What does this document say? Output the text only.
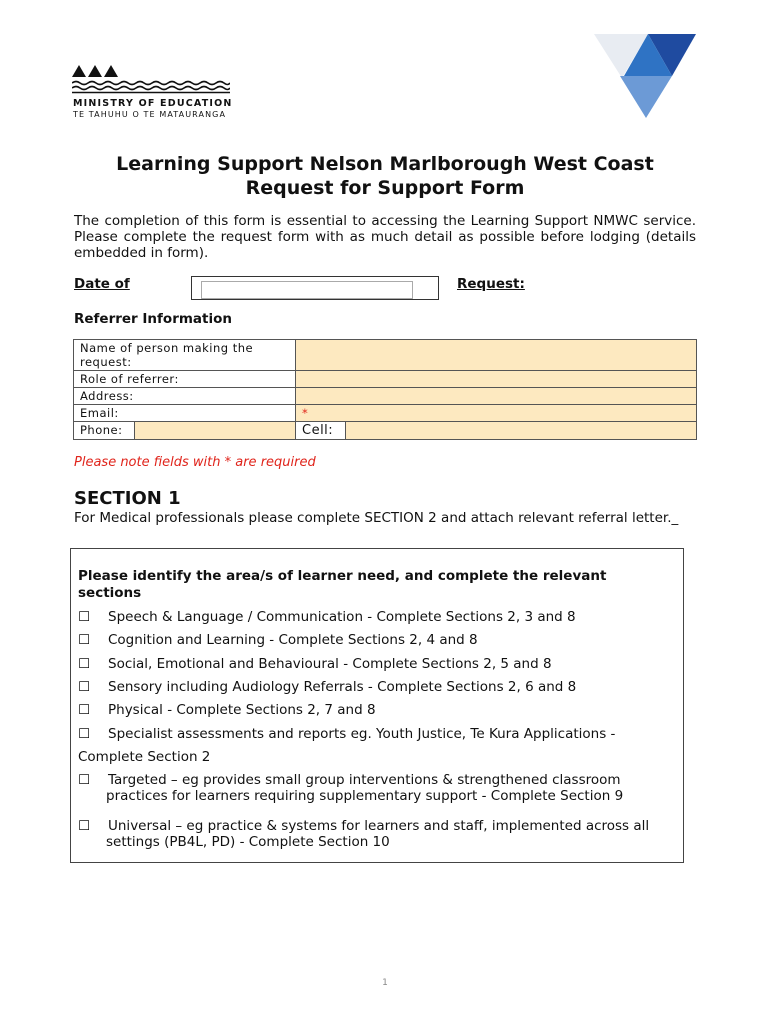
MINISTRY OF EDUCATION
TE TAHUHU O TE MATAURANGA
Learning Support Nelson Marlborough West Coast
Request for Support Form
The completion of this form is essential to accessing the Learning Support NMWC service. Please complete the request form with as much detail as possible before lodging (details embedded in form).
Date of	Request:
Referrer Information
Name of person making the request:			
Role of referrer:			
Address:			
Email:		*	
Phone:		Cell:	
Please note fields with * are required
SECTION 1
For Medical professionals please complete SECTION 2 and attach relevant referral letter._
Please identify the area/s of learner need, and complete the relevant sections
☐ Speech & Language / Communication - Complete Sections 2, 3 and 8
☐ Cognition and Learning - Complete Sections 2, 4 and 8
☐ Social, Emotional and Behavioural - Complete Sections 2, 5 and 8
☐ Sensory including Audiology Referrals - Complete Sections 2, 6 and 8
☐ Physical - Complete Sections 2, 7 and 8
☐ Specialist assessments and reports eg. Youth Justice, Te Kura Applications -
Complete Section 2
☐ Targeted – eg provides small group interventions & strengthened classroom
practices for learners requiring supplementary support - Complete Section 9
☐ Universal – eg practice & systems for learners and staff, implemented across all
settings (PB4L, PD) - Complete Section 10
1
